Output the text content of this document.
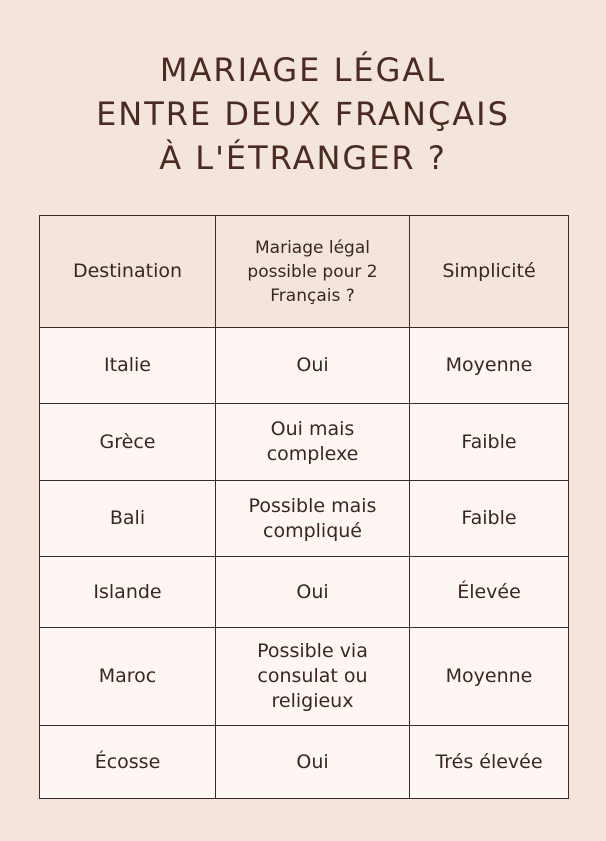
MARIAGE LÉGAL
ENTRE DEUX FRANÇAIS
À L'ÉTRANGER ?
Destination	Mariage légal possible pour 2 Français ?	Simplicité
Italie	Oui	Moyenne
Grèce	Oui mais complexe	Faible
Bali	Possible mais compliqué	Faible
Islande	Oui	Élevée
Maroc	Possible via consulat ou religieux	Moyenne
Écosse	Oui	Trés élevée
